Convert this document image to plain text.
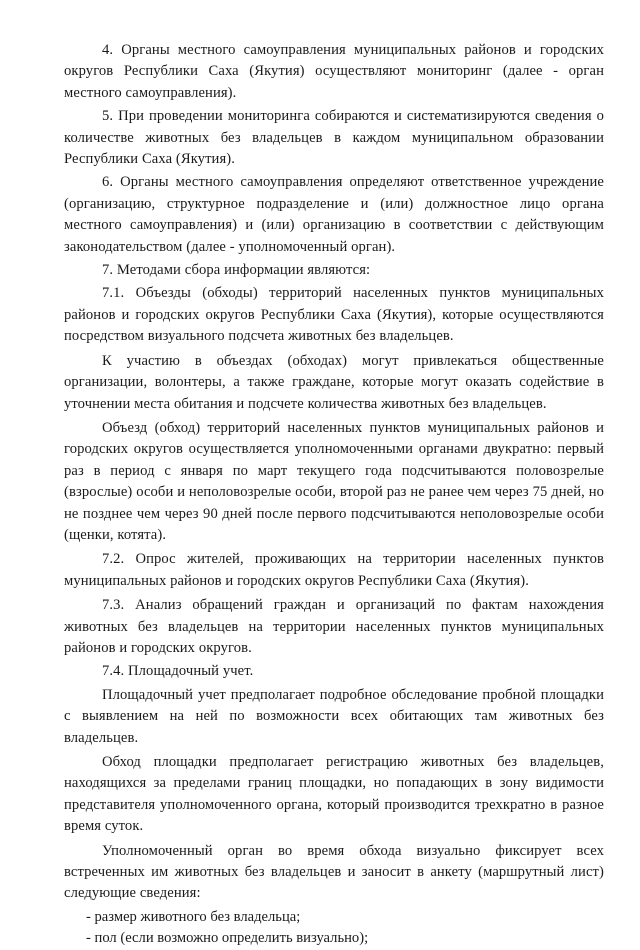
4. Органы местного самоуправления муниципальных районов и городских округов Республики Саха (Якутия) осуществляют мониторинг (далее - орган местного самоуправления).

5. При проведении мониторинга собираются и систематизируются сведения о количестве животных без владельцев в каждом муниципальном образовании Республики Саха (Якутия).

6. Органы местного самоуправления определяют ответственное учреждение (организацию, структурное подразделение и (или) должностное лицо органа местного самоуправления) и (или) организацию в соответствии с действующим законодательством (далее - уполномоченный орган).

7. Методами сбора информации являются:

7.1. Объезды (обходы) территорий населенных пунктов муниципальных районов и городских округов Республики Саха (Якутия), которые осуществляются посредством визуального подсчета животных без владельцев.

К участию в объездах (обходах) могут привлекаться общественные организации, волонтеры, а также граждане, которые могут оказать содействие в уточнении места обитания и подсчете количества животных без владельцев.

Объезд (обход) территорий населенных пунктов муниципальных районов и городских округов осуществляется уполномоченными органами двукратно: первый раз в период с января по март текущего года подсчитываются половозрелые (взрослые) особи и неполовозрелые особи, второй раз не ранее чем через 75 дней, но не позднее чем через 90 дней после первого подсчитываются неполовозрелые особи (щенки, котята).

7.2. Опрос жителей, проживающих на территории населенных пунктов муниципальных районов и городских округов Республики Саха (Якутия).

7.3. Анализ обращений граждан и организаций по фактам нахождения животных без владельцев на территории населенных пунктов муниципальных районов и городских округов.

7.4. Площадочный учет.

Площадочный учет предполагает подробное обследование пробной площадки с выявлением на ней по возможности всех обитающих там животных без владельцев.

Обход площадки предполагает регистрацию животных без владельцев, находящихся за пределами границ площадки, но попадающих в зону видимости представителя уполномоченного органа, который производится трехкратно в разное время суток.

Уполномоченный орган во время обхода визуально фиксирует всех встреченных им животных без владельцев и заносит в анкету (маршрутный лист) следующие сведения:

- размер животного без владельца;

- пол (если возможно определить визуально);
